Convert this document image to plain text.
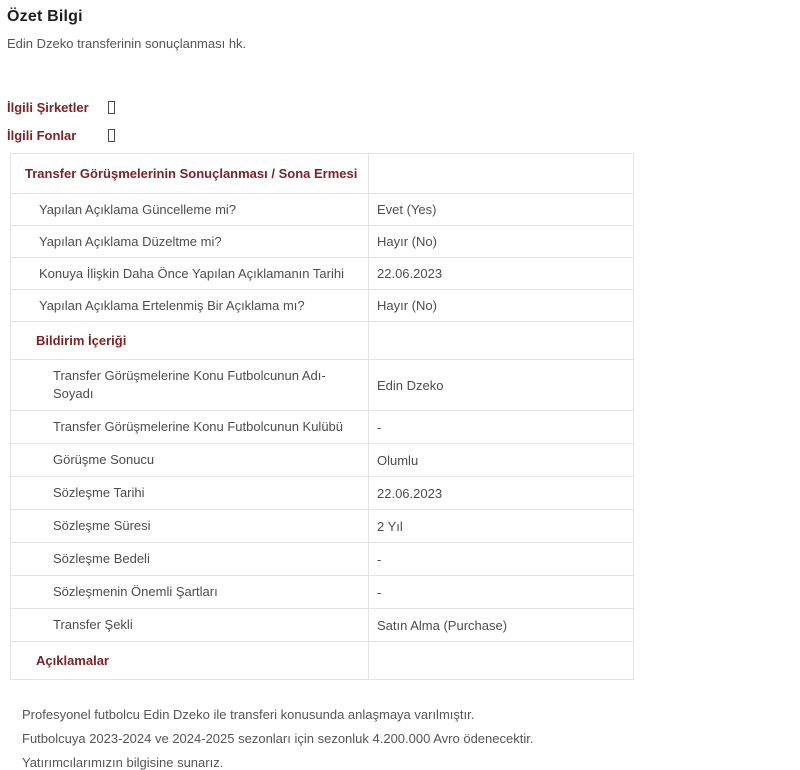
Özet Bilgi

Edin Dzeko transferinin sonuçlanması hk.

İlgili Şirketler
İlgili Fonlar
Transfer Görüşmelerinin Sonuçlanması / Sona Ermesi	
Yapılan Açıklama Güncelleme mi?	Evet (Yes)
Yapılan Açıklama Düzeltme mi?	Hayır (No)
Konuya İlişkin Daha Önce Yapılan Açıklamanın Tarihi	22.06.2023
Yapılan Açıklama Ertelenmiş Bir Açıklama mı?	Hayır (No)
Bildirim İçeriği	
Transfer Görüşmelerine Konu Futbolcunun Adı-Soyadı	Edin Dzeko
Transfer Görüşmelerine Konu Futbolcunun Kulübü	-
Görüşme Sonucu	Olumlu
Sözleşme Tarihi	22.06.2023
Sözleşme Süresi	2 Yıl
Sözleşme Bedeli	-
Sözleşmenin Önemli Şartları	-
Transfer Şekli	Satın Alma (Purchase)
Açıklamalar	

Profesyonel futbolcu Edin Dzeko ile transferi konusunda anlaşmaya varılmıştır.

Futbolcuya 2023-2024 ve 2024-2025 sezonları için sezonluk 4.200.000 Avro ödenecektir.

Yatırımcılarımızın bilgisine sunarız.
